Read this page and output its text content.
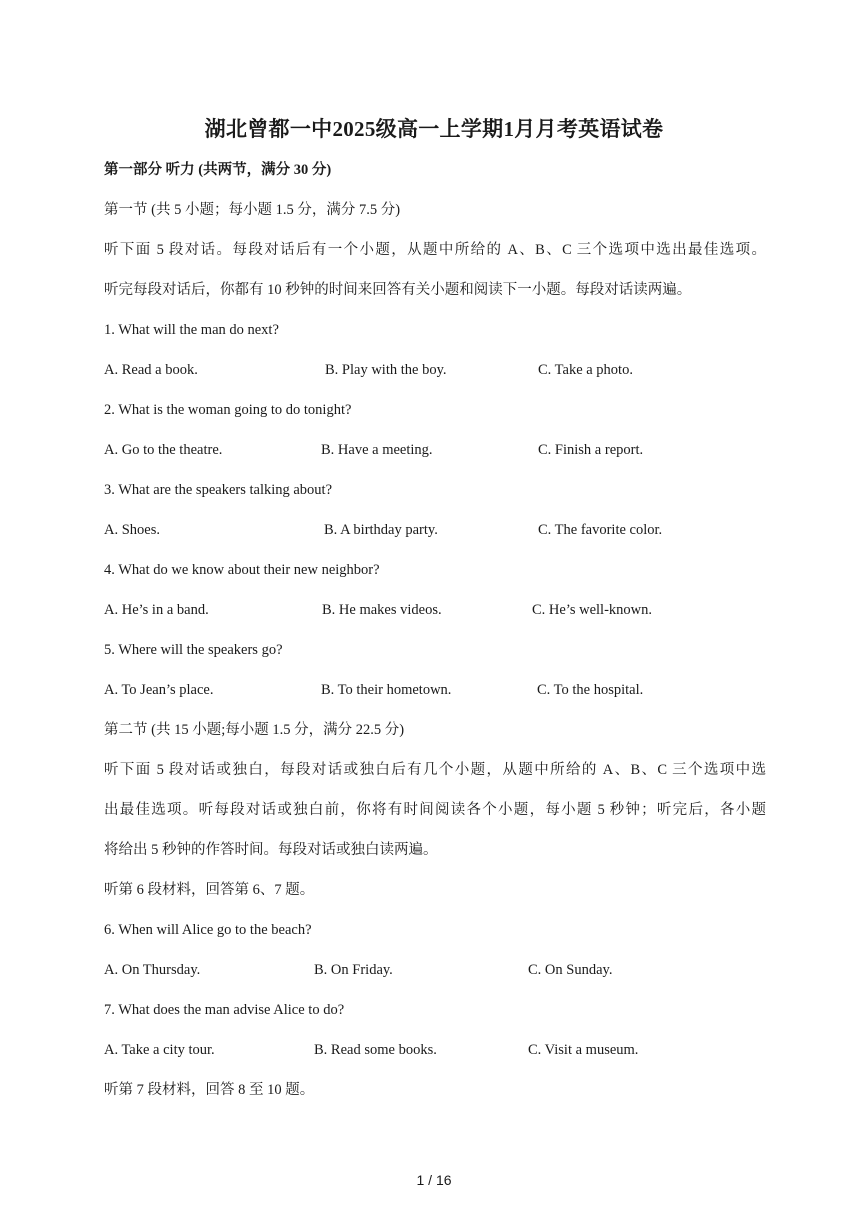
湖北曾都一中2025级高一上学期1月月考英语试卷
第一部分 听力 (共两节，满分 30 分)
第一节 (共 5 小题；每小题 1.5 分，满分 7.5 分)
听下面 5 段对话。每段对话后有一个小题，从题中所给的 A、B、C 三个选项中选出最佳选项。
听完每段对话后，你都有 10 秒钟的时间来回答有关小题和阅读下一小题。每段对话读两遍。
1. What will the man do next?
A. Read a book.	B. Play with the boy.	C. Take a photo.
2. What is the woman going to do tonight?
A. Go to the theatre.	B. Have a meeting.	C. Finish a report.
3. What are the speakers talking about?
A. Shoes.	B. A birthday party.	C. The favorite color.
4. What do we know about their new neighbor?
A. He’s in a band.	B. He makes videos.	C. He’s well-known.
5. Where will the speakers go?
A. To Jean’s place.	B. To their hometown.	C. To the hospital.
第二节 (共 15 小题;每小题 1.5 分，满分 22.5 分)
听下面 5 段对话或独白，每段对话或独白后有几个小题，从题中所给的 A、B、C 三个选项中选
出最佳选项。听每段对话或独白前，你将有时间阅读各个小题，每小题 5 秒钟；听完后，各小题
将给出 5 秒钟的作答时间。每段对话或独白读两遍。
听第 6 段材料，回答第 6、7 题。
6. When will Alice go to the beach?
A. On Thursday.	B. On Friday.	C. On Sunday.
7. What does the man advise Alice to do?
A. Take a city tour.	B. Read some books.	C. Visit a museum.
听第 7 段材料，回答 8 至 10 题。
1 / 16
